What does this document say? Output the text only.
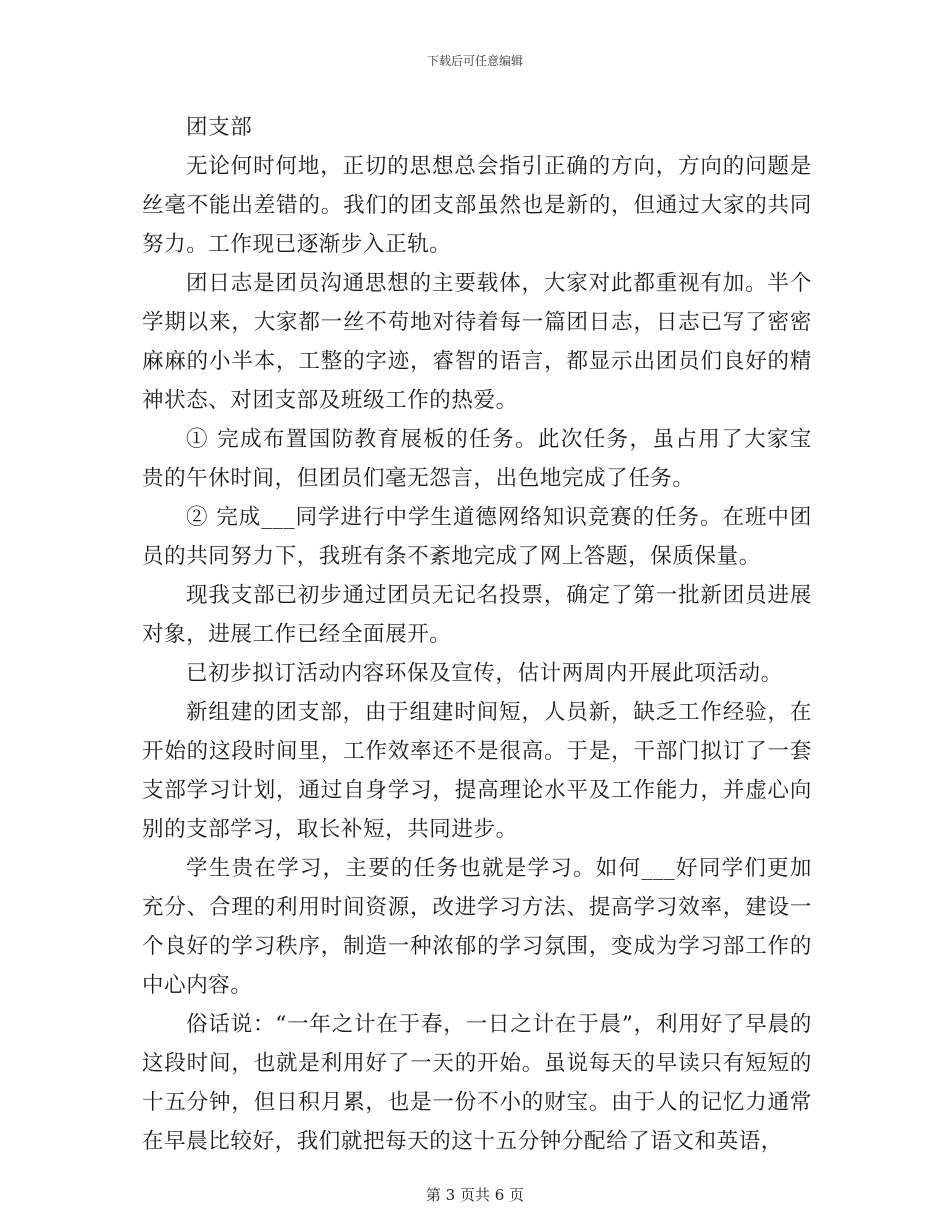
下载后可任意编辑

团支部

无论何时何地，正切的思想总会指引正确的方向，方向的问题是丝毫不能出差错的。我们的团支部虽然也是新的，但通过大家的共同努力。工作现已逐渐步入正轨。

团日志是团员沟通思想的主要载体，大家对此都重视有加。半个学期以来，大家都一丝不苟地对待着每一篇团日志，日志已写了密密麻麻的小半本，工整的字迹，睿智的语言，都显示出团员们良好的精神状态、对团支部及班级工作的热爱。

① 完成布置国防教育展板的任务。此次任务，虽占用了大家宝贵的午休时间，但团员们毫无怨言，出色地完成了任务。

② 完成___同学进行中学生道德网络知识竞赛的任务。在班中团员的共同努力下，我班有条不紊地完成了网上答题，保质保量。

现我支部已初步通过团员无记名投票，确定了第一批新团员进展对象，进展工作已经全面展开。

已初步拟订活动内容环保及宣传，估计两周内开展此项活动。

新组建的团支部，由于组建时间短，人员新，缺乏工作经验，在开始的这段时间里，工作效率还不是很高。于是，干部门拟订了一套支部学习计划，通过自身学习，提高理论水平及工作能力，并虚心向别的支部学习，取长补短，共同进步。

学生贵在学习，主要的任务也就是学习。如何___好同学们更加充分、合理的利用时间资源，改进学习方法、提高学习效率，建设一个良好的学习秩序，制造一种浓郁的学习氛围，变成为学习部工作的中心内容。

俗话说：“一年之计在于春，一日之计在于晨”，利用好了早晨的这段时间，也就是利用好了一天的开始。虽说每天的早读只有短短的十五分钟，但日积月累，也是一份不小的财宝。由于人的记忆力通常在早晨比较好，我们就把每天的这十五分钟分配给了语文和英语，

第 3 页共 6 页
